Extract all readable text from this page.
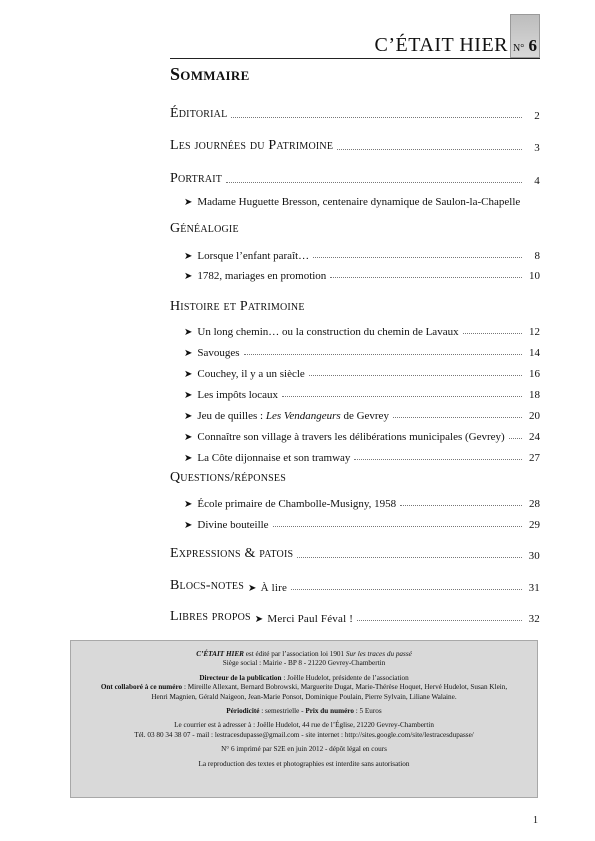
C’ÉTAIT HIER N° 6
Sommaire
Éditorial	2
Les journées du Patrimoine	3
Portrait	4
➤ Madame Huguette Bresson, centenaire dynamique de Saulon-la-Chapelle
Généalogie
➤ Lorsque l’enfant paraît…	8
➤ 1782, mariages en promotion	10
Histoire et Patrimoine
➤ Un long chemin… ou la construction du chemin de Lavaux	12
➤ Savouges	14
➤ Couchey, il y a un siècle	16
➤ Les impôts locaux	18
➤ Jeu de quilles : Les Vendangeurs de Gevrey	20
➤ Connaître son village à travers les délibérations municipales (Gevrey) 24
➤ La Côte dijonnaise et son tramway	27
Questions/réponses
➤ École primaire de Chambolle-Musigny, 1958	28
➤ Divine bouteille	29
Expressions & patois	30
Blocs-notes ➤ À lire	31
Libres propos ➤ Merci Paul Féval !	32

C’ÉTAIT HIER est édité par l’association loi 1901 Sur les traces du passé

Siège social : Mairie - BP 8 - 21220 Gevrey-Chambertin

Directeur de la publication : Joëlle Hudelot, présidente de l’association

Ont collaboré à ce numéro : Mireille Allexant, Bernard Bobrowski, Marguerite Dugat, Marie-Thérèse Hoquet, Hervé Hudelot, Susan Klein,

Henri Magnien, Gérald Naigeon, Jean-Marie Ponsot, Dominique Poulain, Pierre Sylvain, Liliane Walaine.

Périodicité : semestrielle - Prix du numéro : 5 Euros

Le courrier est à adresser à : Joëlle Hudelot, 44 rue de l’Église, 21220 Gevrey-Chambertin

Tél. 03 80 34 38 07 - mail : lestracesdupasse@gmail.com - site internet : http://sites.google.com/site/lestracesdupasse/

N° 6 imprimé par S2E en juin 2012 - dépôt légal en cours

La reproduction des textes et photographies est interdite sans autorisation

1
